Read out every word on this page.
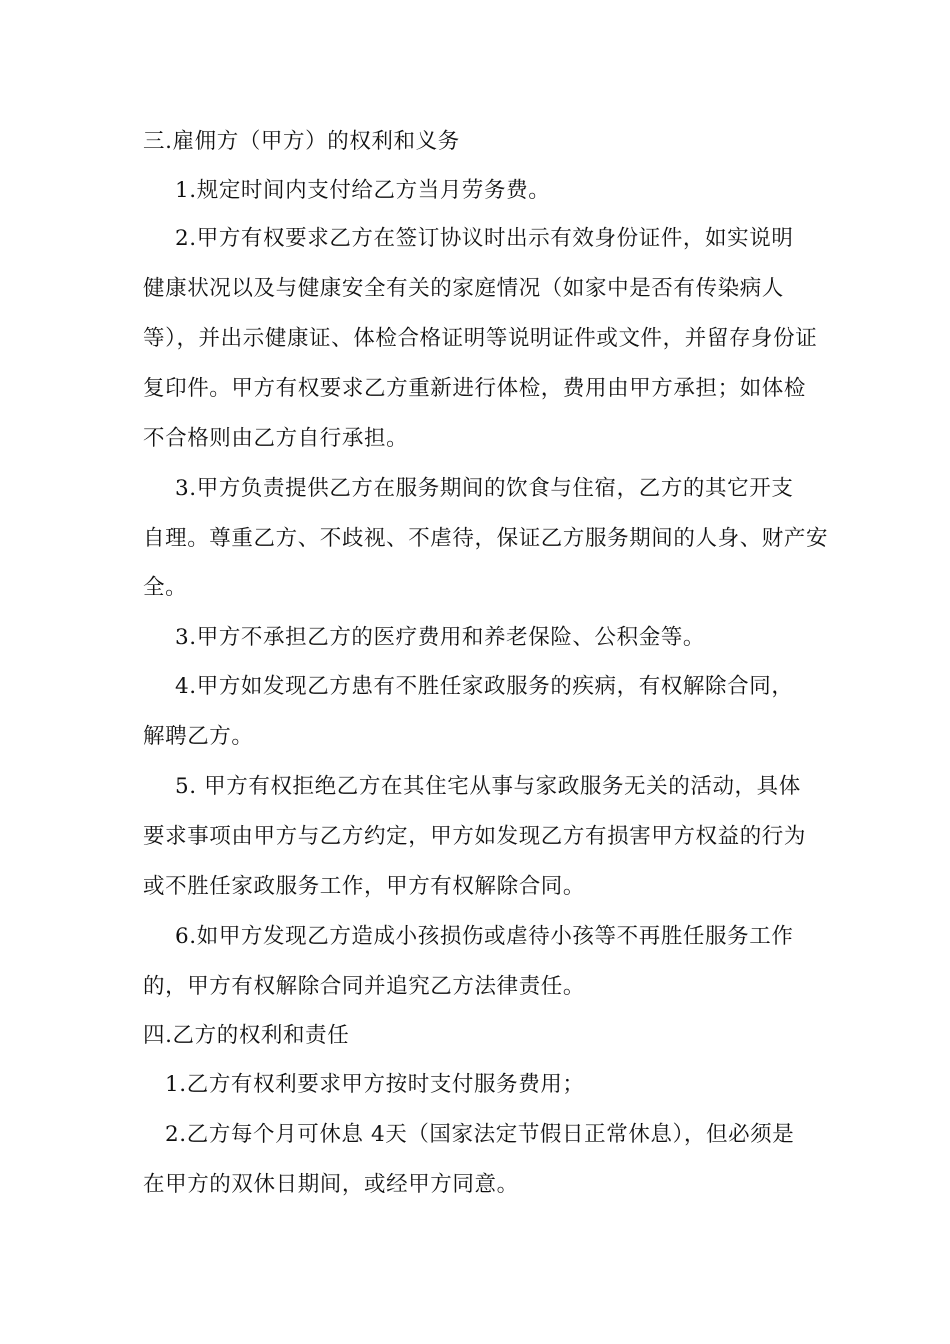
三.雇佣方（甲方）的权利和义务
1.规定时间内支付给乙方当月劳务费。
2.甲方有权要求乙方在签订协议时出示有效身份证件，如实说明
健康状况以及与健康安全有关的家庭情况（如家中是否有传染病人
等），并出示健康证、体检合格证明等说明证件或文件，并留存身份证
复印件。甲方有权要求乙方重新进行体检，费用由甲方承担；如体检
不合格则由乙方自行承担。
3.甲方负责提供乙方在服务期间的饮食与住宿，乙方的其它开支
自理。尊重乙方、不歧视、不虐待，保证乙方服务期间的人身、财产安
全。
3.甲方不承担乙方的医疗费用和养老保险、公积金等。
4.甲方如发现乙方患有不胜任家政服务的疾病，有权解除合同，
解聘乙方。
5. 甲方有权拒绝乙方在其住宅从事与家政服务无关的活动，具体
要求事项由甲方与乙方约定，甲方如发现乙方有损害甲方权益的行为
或不胜任家政服务工作，甲方有权解除合同。
6.如甲方发现乙方造成小孩损伤或虐待小孩等不再胜任服务工作
的，甲方有权解除合同并追究乙方法律责任。
四.乙方的权利和责任
1.乙方有权利要求甲方按时支付服务费用；
2.乙方每个月可休息 4天（国家法定节假日正常休息），但必须是
在甲方的双休日期间，或经甲方同意。
